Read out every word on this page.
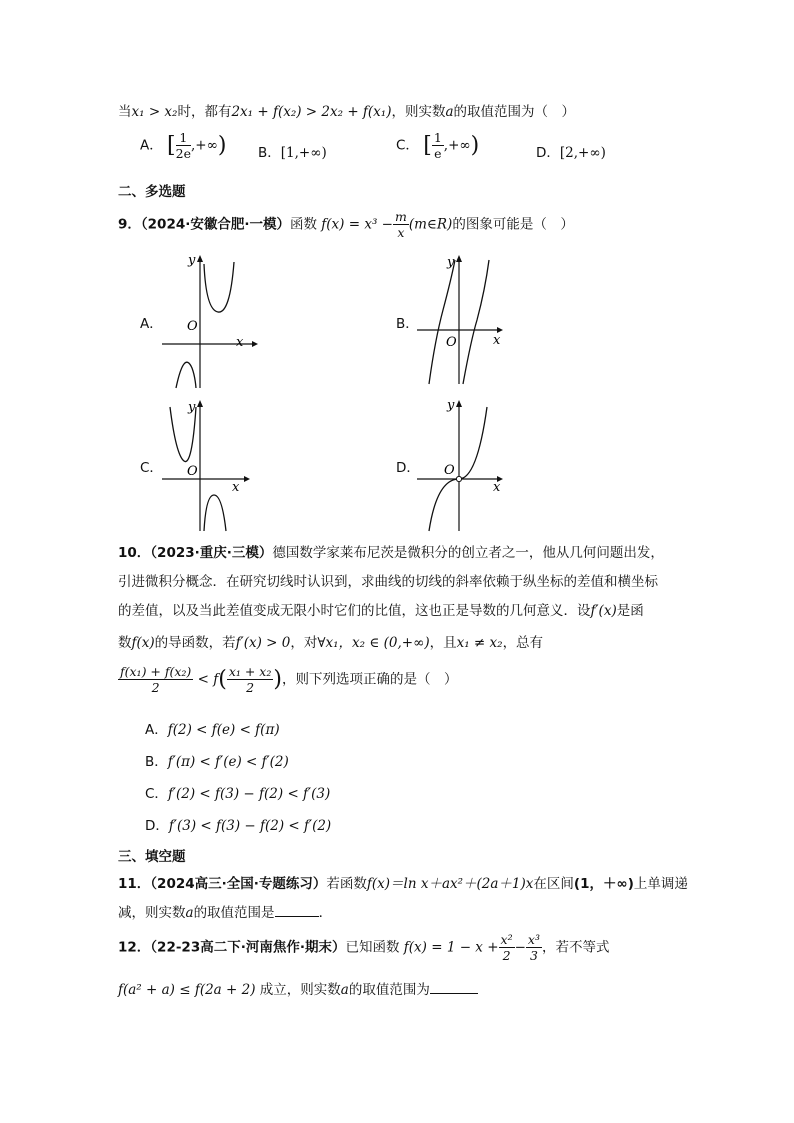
当x₁ > x₂时，都有2x₁ + f(x₂) > 2x₂ + f(x₁)，则实数a的取值范围为（　）
A． [ $\frac{1}{2e}$ ,+∞) B．[1,+∞)	C． [ $\frac{1}{e}$ ,+∞)	D．[2,+∞)
二、多选题
9．（2024·安徽合肥·一模）函数 $f(x) = x^3 - \frac{m}{x}$ (m∈R)的图象可能是（　）
A． O
x
y
B．
O	x
y
C． O
x
y
D． O
x
y
10．（2023·重庆·三模）德国数学家莱布尼茨是微积分的创立者之一，他从几何问题出发，
引进微积分概念．在研究切线时认识到，求曲线的切线的斜率依赖于纵坐标的差值和横坐标
的差值，以及当此差值变成无限小时它们的比值，这也正是导数的几何意义．设f′(x)是函
数f(x)的导函数，若f′(x) > 0，对∀x₁，x₂ ∈ (0,+∞)，且x₁ ≠ x₂，总有
$\frac{\text{f(x₁) + f(x₂)}}{2} < f( \frac{\text{x₁ + x₂}}{2}$ )，则下列选项正确的是（　）
A．f(2) < f(e) < f(π)
B．f′(π) < f′(e) < f′(2)
C．f′(2) < f(3) − f(2) < f′(3)
D．f′(3) < f(3) − f(2) < f′(2)
三、填空题
11．（2024高三·全国·专题练习）若函数f(x)＝ln x＋ax²＋(2a＋1)x在区间(1，＋∞)上单调递
减，则实数a的取值范围是	．
12．（22-23高二下·河南焦作·期末）已知函数 $f(x) = 1 - x + \frac{\text{x²}}{2} - \frac{\text{x³}}{3}$ ，若不等式
f(a² + a) ≤ f(2a + 2) 成立，则实数a的取值范围为
